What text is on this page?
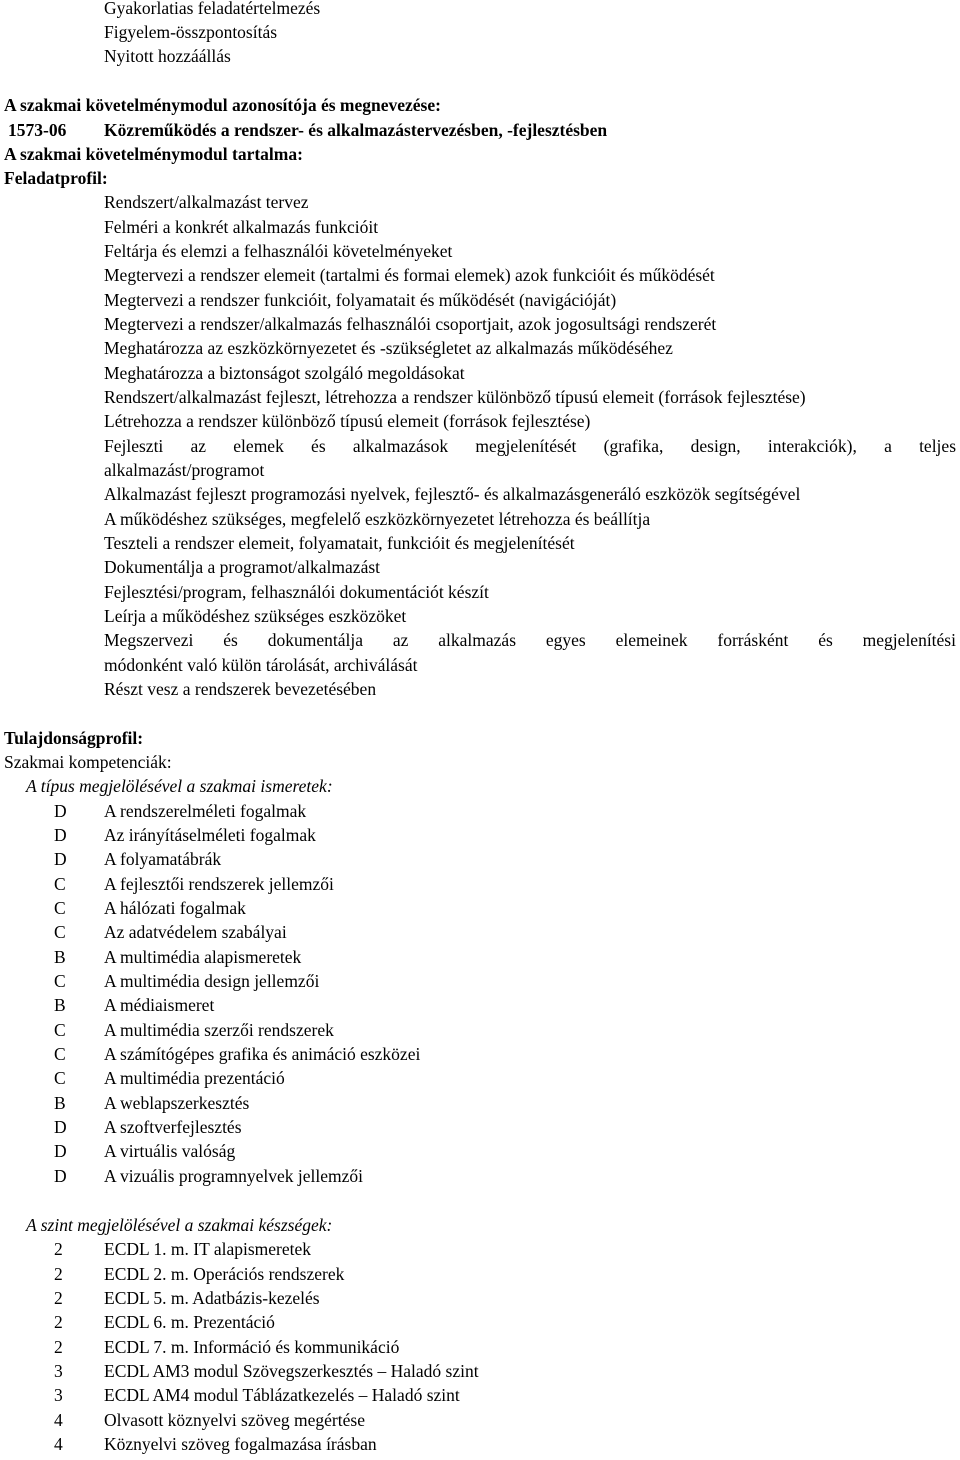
Gyakorlatias feladatértelmezés
Figyelem-összpontosítás
Nyitott hozzáállás
A szakmai követelménymodul azonosítója és megnevezése:
1573-06 Közreműködés a rendszer- és alkalmazástervezésben, -fejlesztésben
A szakmai követelménymodul tartalma:
Feladatprofil:
Rendszert/alkalmazást tervez
Felméri a konkrét alkalmazás funkcióit
Feltárja és elemzi a felhasználói követelményeket
Megtervezi a rendszer elemeit (tartalmi és formai elemek) azok funkcióit és működését
Megtervezi a rendszer funkcióit, folyamatait és működését (navigációját)
Megtervezi a rendszer/alkalmazás felhasználói csoportjait, azok jogosultsági rendszerét
Meghatározza az eszközkörnyezetet és -szükségletet az alkalmazás működéséhez
Meghatározza a biztonságot szolgáló megoldásokat
Rendszert/alkalmazást fejleszt, létrehozza a rendszer különböző típusú elemeit (források fejlesztése)
Létrehozza a rendszer különböző típusú elemeit (források fejlesztése)
Fejleszti az elemek és alkalmazások megjelenítését (grafika, design, interakciók), a teljes
alkalmazást/programot
Alkalmazást fejleszt programozási nyelvek, fejlesztő- és alkalmazásgeneráló eszközök segítségével
A működéshez szükséges, megfelelő eszközkörnyezetet létrehozza és beállítja
Teszteli a rendszer elemeit, folyamatait, funkcióit és megjelenítését
Dokumentálja a programot/alkalmazást
Fejlesztési/program, felhasználói dokumentációt készít
Leírja a működéshez szükséges eszközöket
Megszervezi és dokumentálja az alkalmazás egyes elemeinek forrásként és megjelenítési
módonként való külön tárolását, archiválását
Részt vesz a rendszerek bevezetésében
Tulajdonságprofil:
Szakmai kompetenciák:
A típus megjelölésével a szakmai ismeretek:
D	A rendszerelméleti fogalmak
D	Az irányításelméleti fogalmak
D	A folyamatábrák
C	A fejlesztői rendszerek jellemzői
C	A hálózati fogalmak
C	Az adatvédelem szabályai
B	A multimédia alapismeretek
C	A multimédia design jellemzői
B	A médiaismeret
C	A multimédia szerzői rendszerek
C	A számítógépes grafika és animáció eszközei
C	A multimédia prezentáció
B	A weblapszerkesztés
D	A szoftverfejlesztés
D	A virtuális valóság
D	A vizuális programnyelvek jellemzői
A szint megjelölésével a szakmai készségek:
2	ECDL 1. m. IT alapismeretek
2	ECDL 2. m. Operációs rendszerek
2	ECDL 5. m. Adatbázis-kezelés
2	ECDL 6. m. Prezentáció
2	ECDL 7. m. Információ és kommunikáció
3	ECDL AM3 modul Szövegszerkesztés – Haladó szint
3	ECDL AM4 modul Táblázatkezelés – Haladó szint
4	Olvasott köznyelvi szöveg megértése
4	Köznyelvi szöveg fogalmazása írásban
